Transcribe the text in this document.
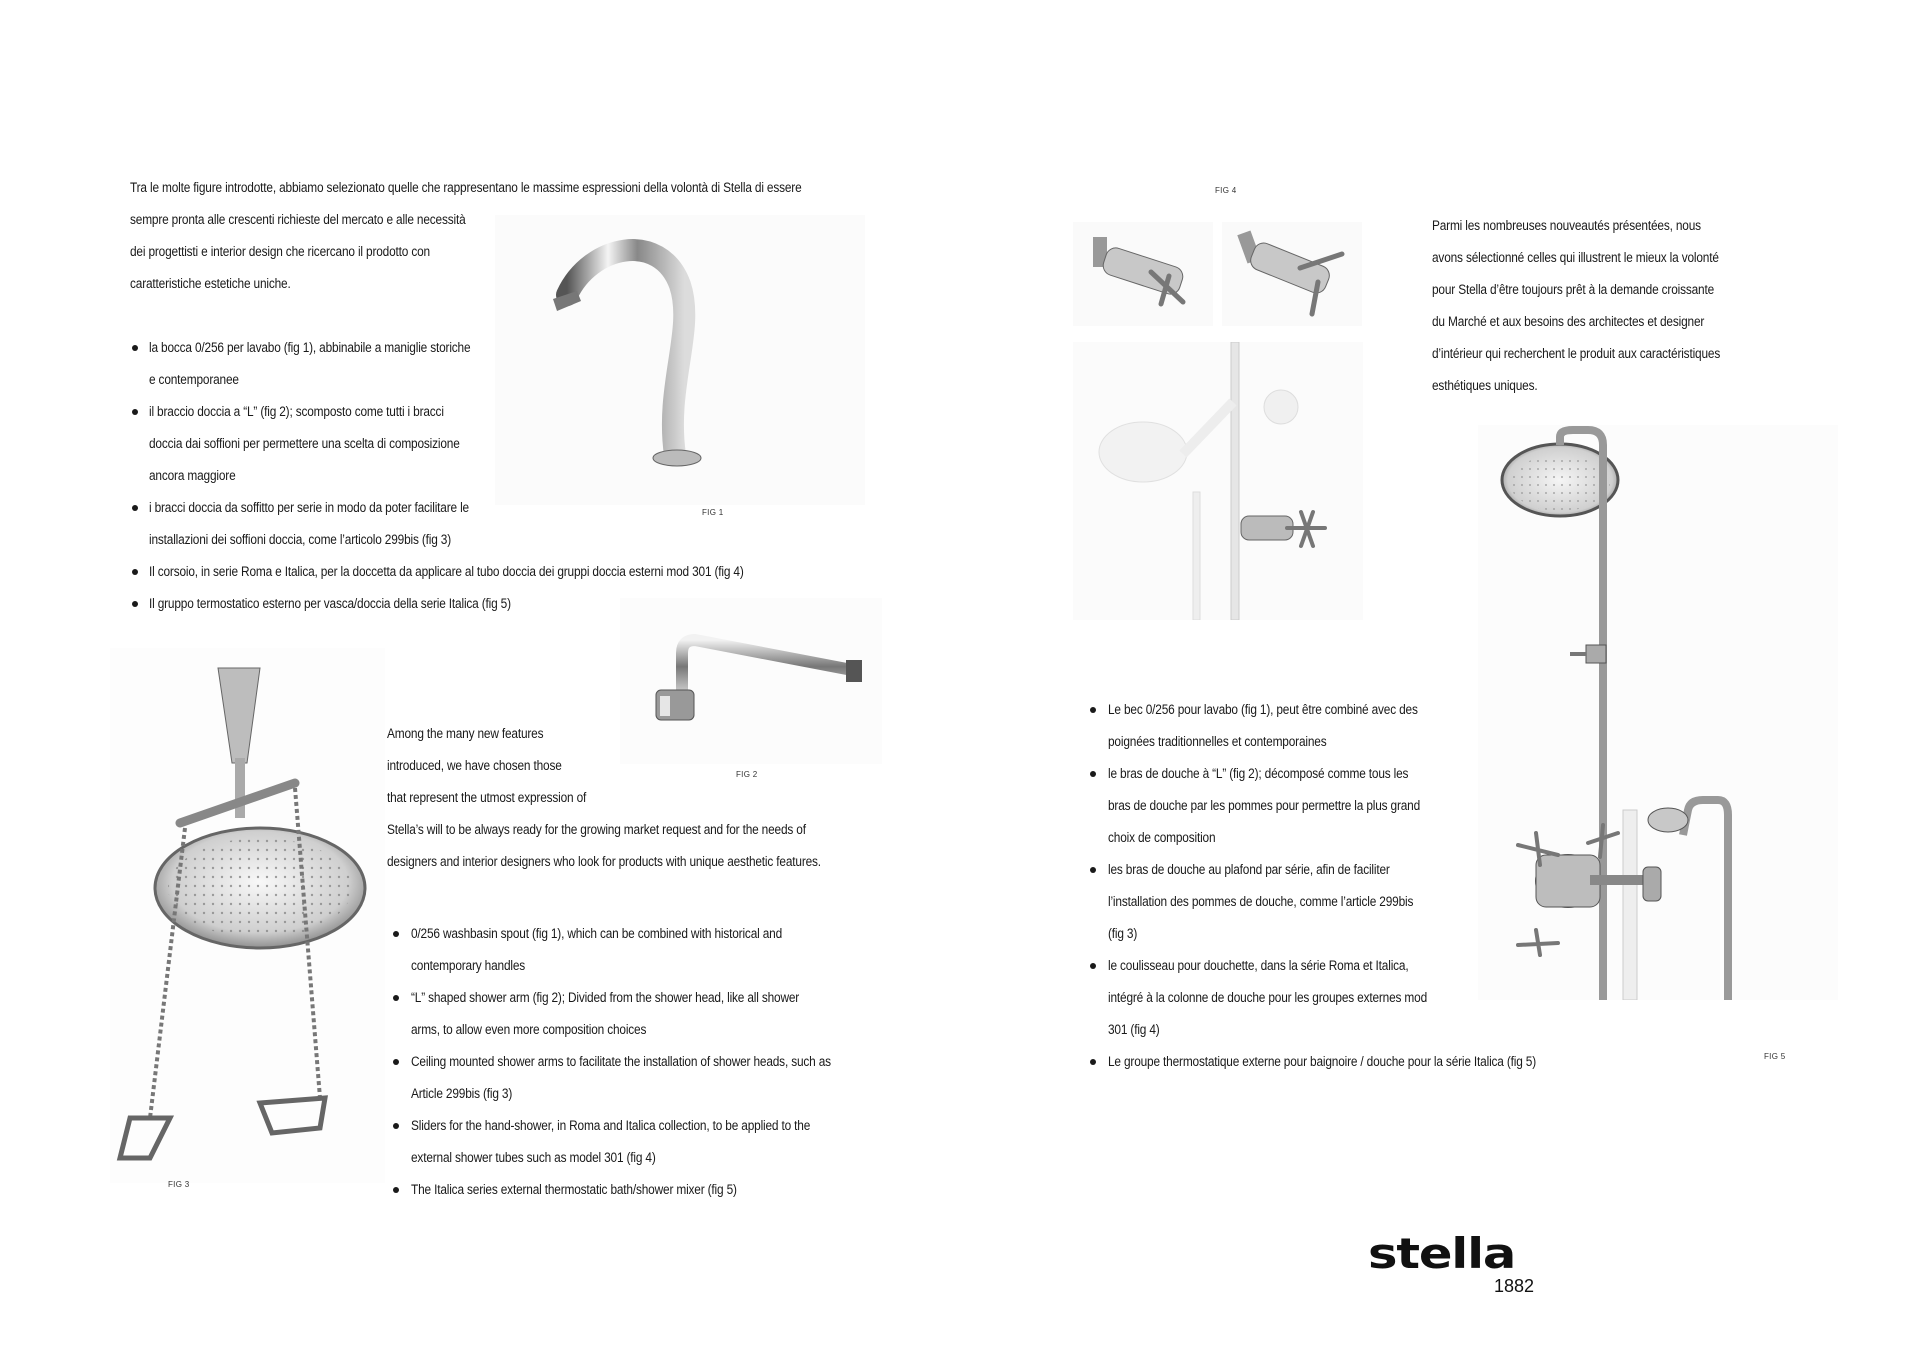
Tra le molte figure introdotte, abbiamo selezionato quelle che rappresentano le massime espressioni della volontà di Stella di essere
sempre pronta alle crescenti richieste del mercato e alle necessità
dei progettisti e interior design che ricercano il prodotto con
caratteristiche estetiche uniche.
la bocca 0/256 per lavabo (fig 1), abbinabile a maniglie storiche
e contemporanee
il braccio doccia a “L” (fig 2); scomposto come tutti i bracci
doccia dai soffioni per permettere una scelta di composizione
ancora maggiore
i bracci doccia da soffitto per serie in modo da poter facilitare le
installazioni dei soffioni doccia, come l’articolo 299bis (fig 3)
Il corsoio, in serie Roma e Italica, per la doccetta da applicare al tubo doccia dei gruppi doccia esterni mod 301 (fig 4)
Il gruppo termostatico esterno per vasca/doccia della serie Italica (fig 5)
FIG 1
FIG 2
FIG 3
Among the many new features
introduced, we have chosen those
that represent the utmost expression of
Stella’s will to be always ready for the growing market request and for the needs of
designers and interior designers who look for products with unique aesthetic features.
0/256 washbasin spout (fig 1), which can be combined with historical and
contemporary handles
“L” shaped shower arm (fig 2); Divided from the shower head, like all shower
arms, to allow even more composition choices
Ceiling mounted shower arms to facilitate the installation of shower heads, such as
Article 299bis (fig 3)
Sliders for the hand-shower, in Roma and Italica collection, to be applied to the
external shower tubes such as model 301 (fig 4)
The Italica series external thermostatic bath/shower mixer (fig 5)
FIG 4
Parmi les nombreuses nouveautés présentées, nous
avons sélectionné celles qui illustrent le mieux la volonté
pour Stella d’être toujours prêt à la demande croissante
du Marché et aux besoins des architectes et designer
d’intérieur qui recherchent le produit aux caractéristiques
esthétiques uniques.
FIG 5
Le bec 0/256 pour lavabo (fig 1), peut être combiné avec des
poignées traditionnelles et contemporaines
le bras de douche à “L” (fig 2); décomposé comme tous les
bras de douche par les pommes pour permettre la plus grand
choix de composition
les bras de douche au plafond par série, afin de faciliter
l’installation des pommes de douche, comme l’article 299bis
(fig 3)
le coulisseau pour douchette, dans la série Roma et Italica,
intégré à la colonne de douche pour les groupes externes mod
301 (fig 4)
Le groupe thermostatique externe pour baignoire / douche pour la série Italica (fig 5)
stella
1882
